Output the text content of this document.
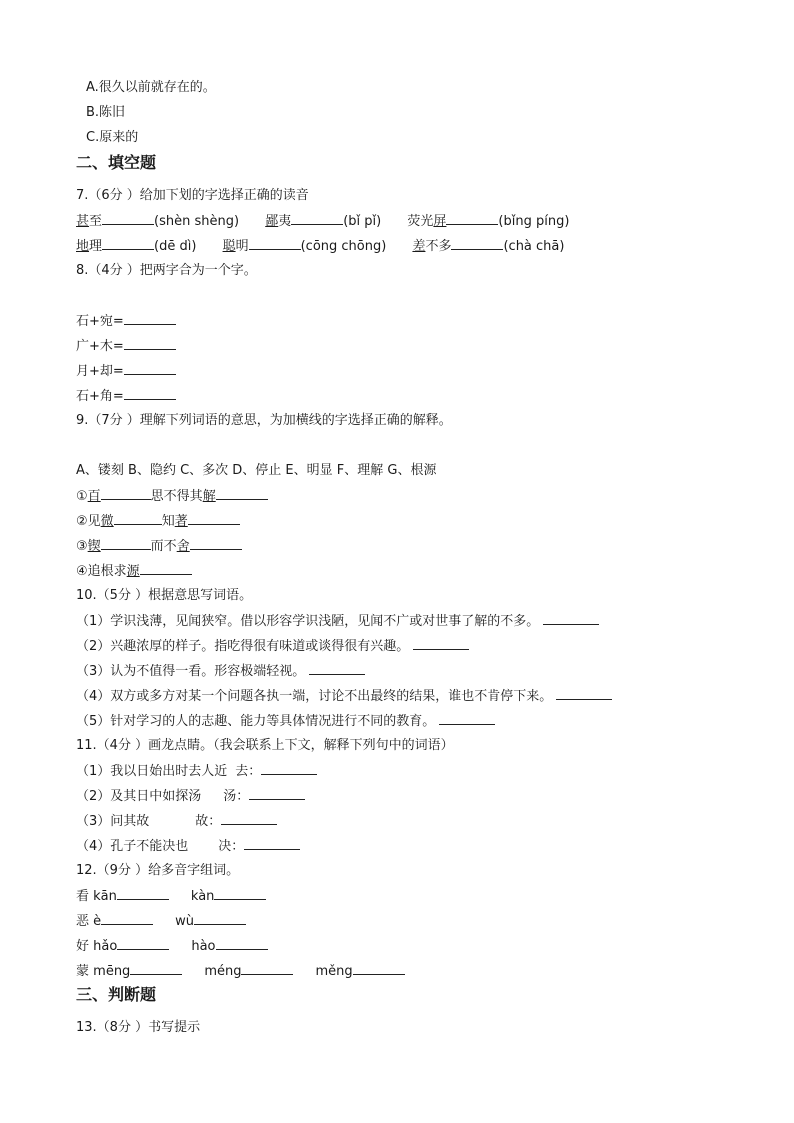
A.很久以前就存在的。
B.陈旧
C.原来的
二、填空题
7.（6分 ）给加下划的字选择正确的读音
甚至	(shèn shèng) 鄙夷	(bǐ pǐ) 荧光屏	(bǐng píng)
地理	(dē dì) 聪明	(cōng chōng) 差不多	(chà chā)
8.（4分 ）把两字合为一个字。
石+宛=
广+木=
月+却=
石+角=
9.（7分 ）理解下列词语的意思，为加横线的字选择正确的解释。
A、镂刻 B、隐约 C、多次 D、停止 E、明显 F、理解 G、根源
①百	思不得其解
②见微	知著
③锲	而不舍
④追根求源
10.（5分 ）根据意思写词语。
（1）学识浅薄，见闻狭窄。借以形容学识浅陋，见闻不广或对世事了解的不多。
（2）兴趣浓厚的样子。指吃得很有味道或谈得很有兴趣。
（3）认为不值得一看。形容极端轻视。
（4）双方或多方对某一个问题各执一端，讨论不出最终的结果，谁也不肯停下来。
（5）针对学习的人的志趣、能力等具体情况进行不同的教育。
11.（4分 ）画龙点睛。（我会联系上下文，解释下列句中的词语）
（1）我以日始出时去人近 去：
（2）及其日中如探汤 汤：
（3）问其故	故：
（4）孔子不能决也 决：
12.（9分 ）给多音字组词。
看 kān	kàn
恶 è	wù
好 hǎo	hào
蒙 mēng	méng	měng
三、判断题
13.（8分 ）书写提示
